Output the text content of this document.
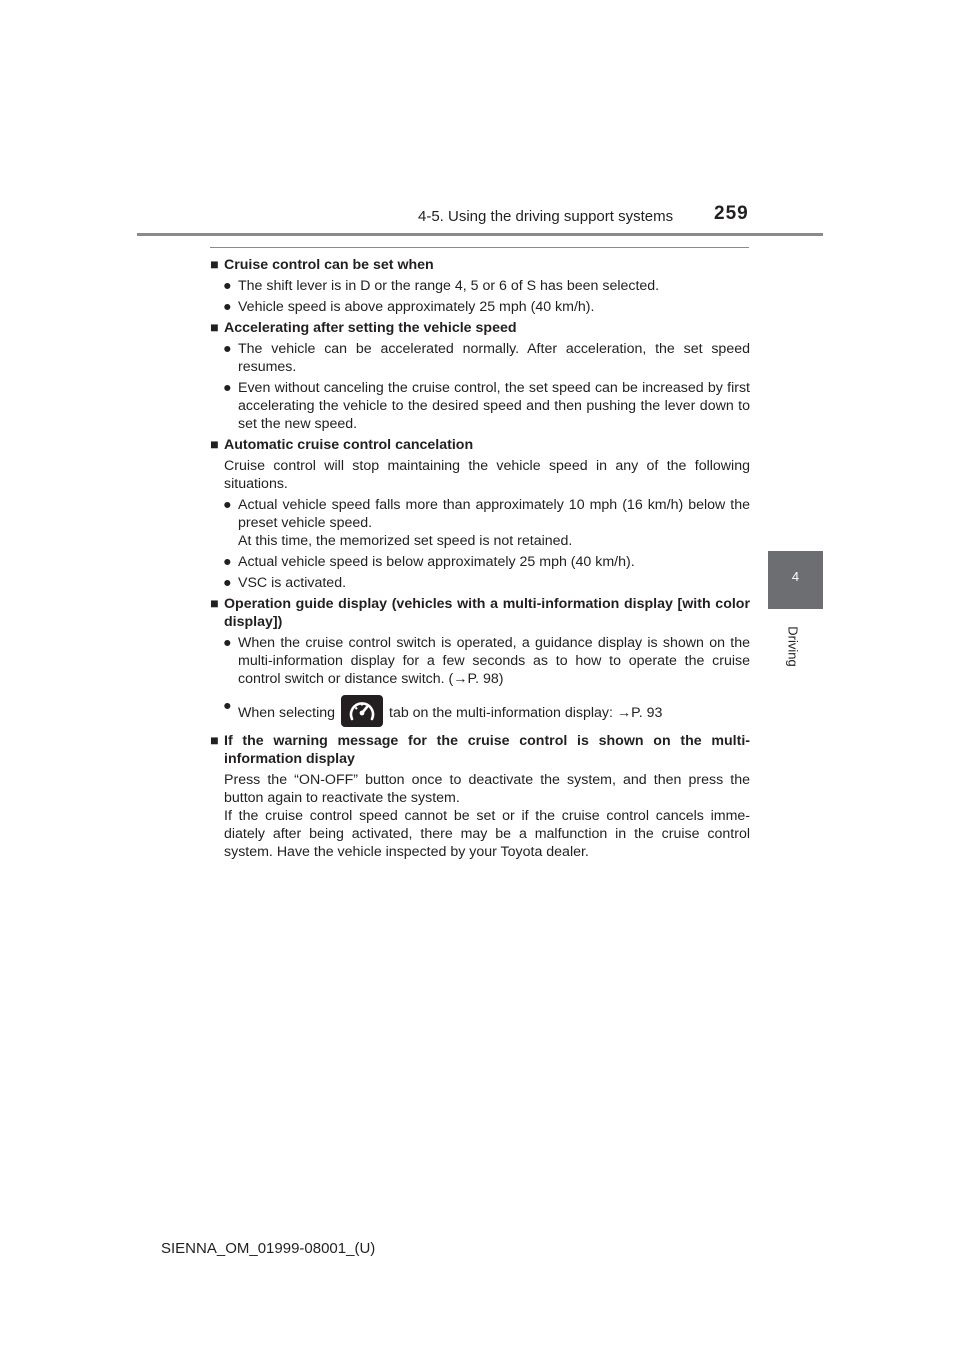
4-5. Using the driving support systems 259
4
Driving
■ Cruise control can be set when
● The shift lever is in D or the range 4, 5 or 6 of S has been selected.
● Vehicle speed is above approximately 25 mph (40 km/h).
■ Accelerating after setting the vehicle speed
● The vehicle can be accelerated normally. After acceleration, the set speed resumes.
● Even without canceling the cruise control, the set speed can be increased by first accelerating the vehicle to the desired speed and then pushing the lever down to set the new speed.
■ Automatic cruise control cancelation
Cruise control will stop maintaining the vehicle speed in any of the following situations.
● Actual vehicle speed falls more than approximately 10 mph (16 km/h) below the preset vehicle speed.
At this time, the memorized set speed is not retained.
● Actual vehicle speed is below approximately 25 mph (40 km/h).
● VSC is activated.
■ Operation guide display (vehicles with a multi-information display [with color display])
● When the cruise control switch is operated, a guidance display is shown on the multi-information display for a few seconds as to how to operate the cruise control switch or distance switch. (→P. 98)
● When selecting	tab on the multi-information display: →P. 93
■ If the warning message for the cruise control is shown on the multi-information display
Press the “ON-OFF” button once to deactivate the system, and then press the button again to reactivate the system.
If the cruise control speed cannot be set or if the cruise control cancels imme-diately after being activated, there may be a malfunction in the cruise control system. Have the vehicle inspected by your Toyota dealer.
SIENNA_OM_01999-08001_(U)
